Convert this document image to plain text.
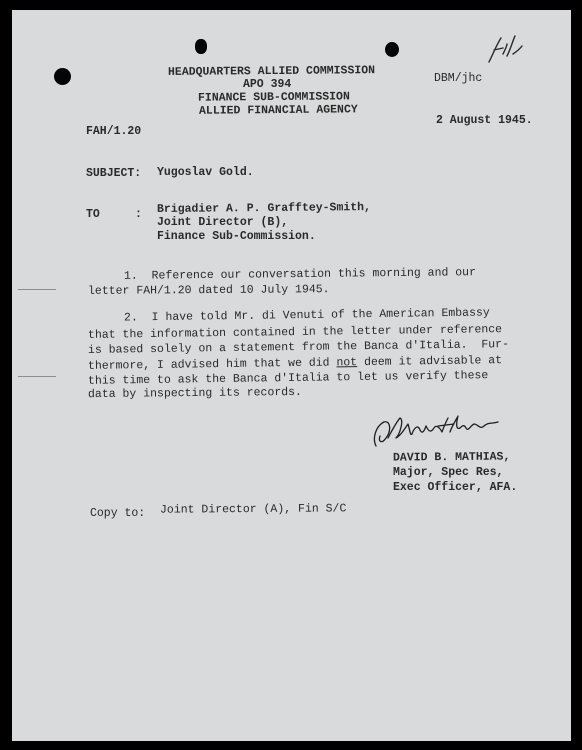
HEADQUARTERS ALLIED COMMISSION
APO 394
FINANCE SUB-COMMISSION
ALLIED FINANCIAL AGENCY
DBM/jhc
FAH/1.20
2 August 1945.
SUBJECT: Yugoslav Gold.
TO	: Brigadier A. P. Grafftey-Smith,
Joint Director (B),
Finance Sub-Commission.
1.  Reference our conversation this morning and our
letter FAH/1.20 dated 10 July 1945.
2.  I have told Mr. di Venuti of the American Embassy
that the information contained in the letter under reference
is based solely on a statement from the Banca d'Italia.  Fur-
thermore, I advised him that we did not deem it advisable at
this time to ask the Banca d'Italia to let us verify these
data by inspecting its records.
DAVID B. MATHIAS,
Major, Spec Res,
Exec Officer, AFA.
Copy to: Joint Director (A), Fin S/C
